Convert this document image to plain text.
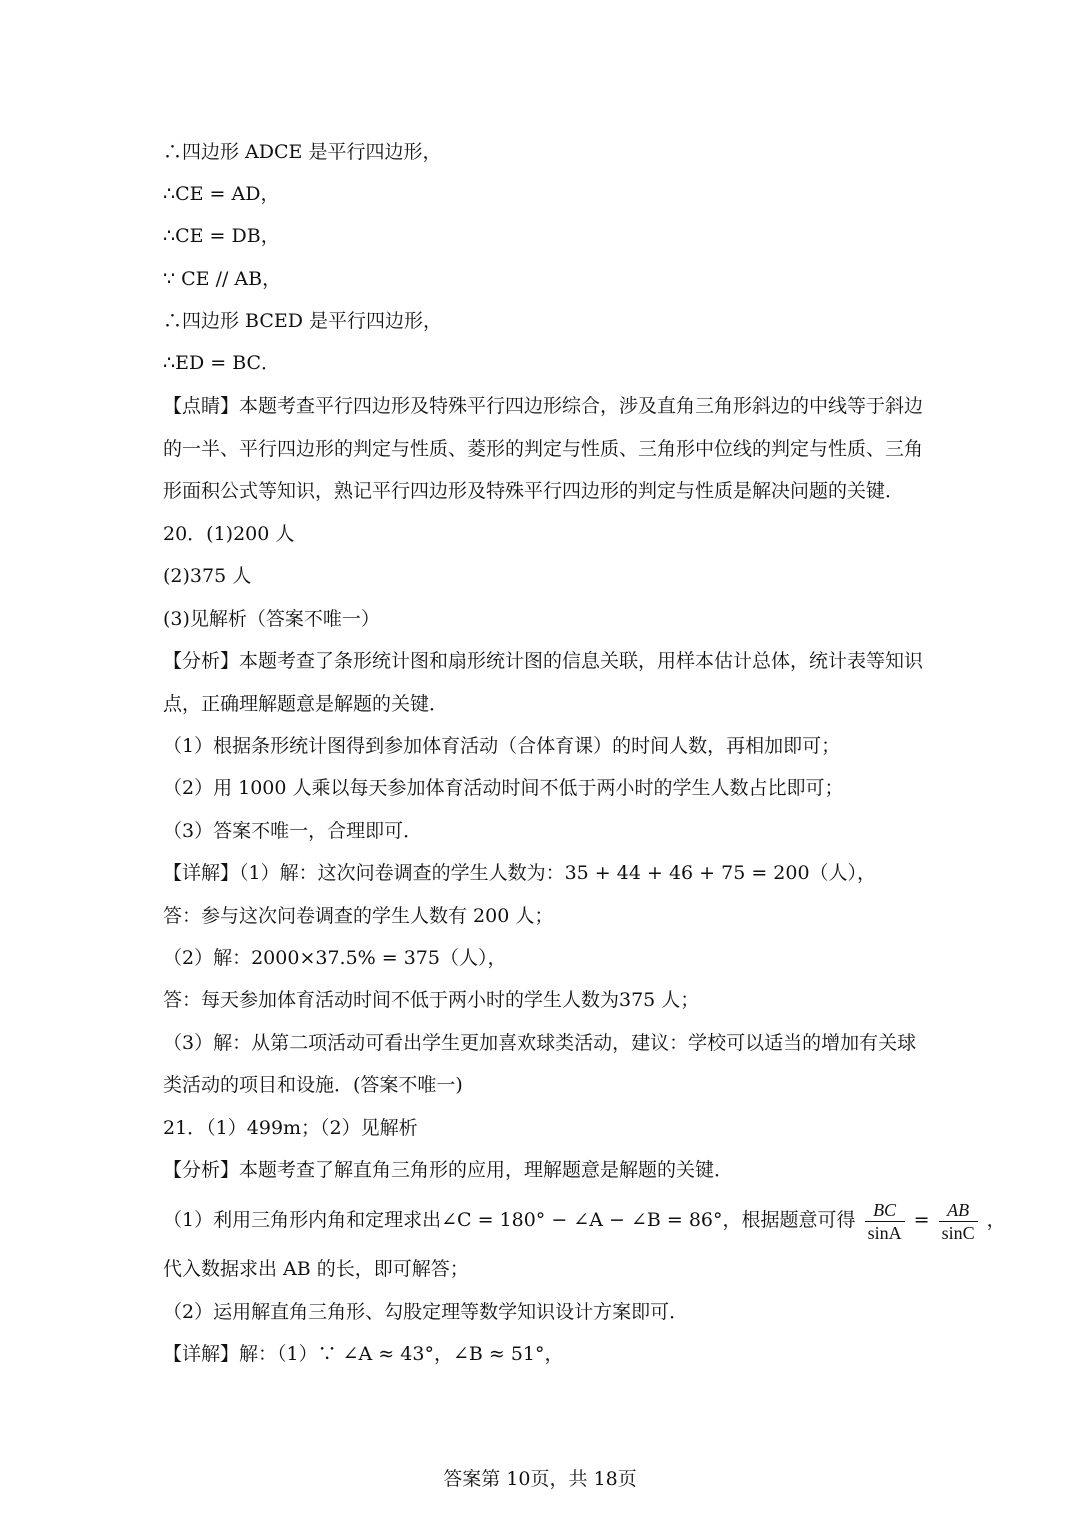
∴四边形 ADCE 是平行四边形，
∴CE = AD，
∴CE = DB，
∵ CE // AB，
∴四边形 BCED 是平行四边形，
∴ED = BC．
【点睛】本题考查平行四边形及特殊平行四边形综合，涉及直角三角形斜边的中线等于斜边
的一半、平行四边形的判定与性质、菱形的判定与性质、三角形中位线的判定与性质、三角
形面积公式等知识，熟记平行四边形及特殊平行四边形的判定与性质是解决问题的关键．
20．(1)200 人
(2)375 人
(3)见解析（答案不唯一）
【分析】本题考查了条形统计图和扇形统计图的信息关联，用样本估计总体，统计表等知识
点，正确理解题意是解题的关键．
（1）根据条形统计图得到参加体育活动（合体育课）的时间人数，再相加即可；
（2）用 1000 人乘以每天参加体育活动时间不低于两小时的学生人数占比即可；
（3）答案不唯一，合理即可．
【详解】（1）解：这次问卷调查的学生人数为：35 + 44 + 46 + 75 = 200（人），
答：参与这次问卷调查的学生人数有 200 人；
（2）解：2000×37.5% = 375（人），
答：每天参加体育活动时间不低于两小时的学生人数为375 人；
（3）解：从第二项活动可看出学生更加喜欢球类活动，建议：学校可以适当的增加有关球
类活动的项目和设施．(答案不唯一)
21．（1）499m；（2）见解析
【分析】本题考查了解直角三角形的应用，理解题意是解题的关键．
（1）利用三角形内角和定理求出∠C = 180° − ∠A − ∠B = 86°，根据题意可得 $\frac{BC}{\sin A} = \frac{AB}{\sin C}$ ，
代入数据求出 AB 的长，即可解答；
（2）运用解直角三角形、勾股定理等数学知识设计方案即可．
【详解】解：（1）∵ ∠A ≈ 43°，∠B ≈ 51°，
答案第 10页，共 18页
